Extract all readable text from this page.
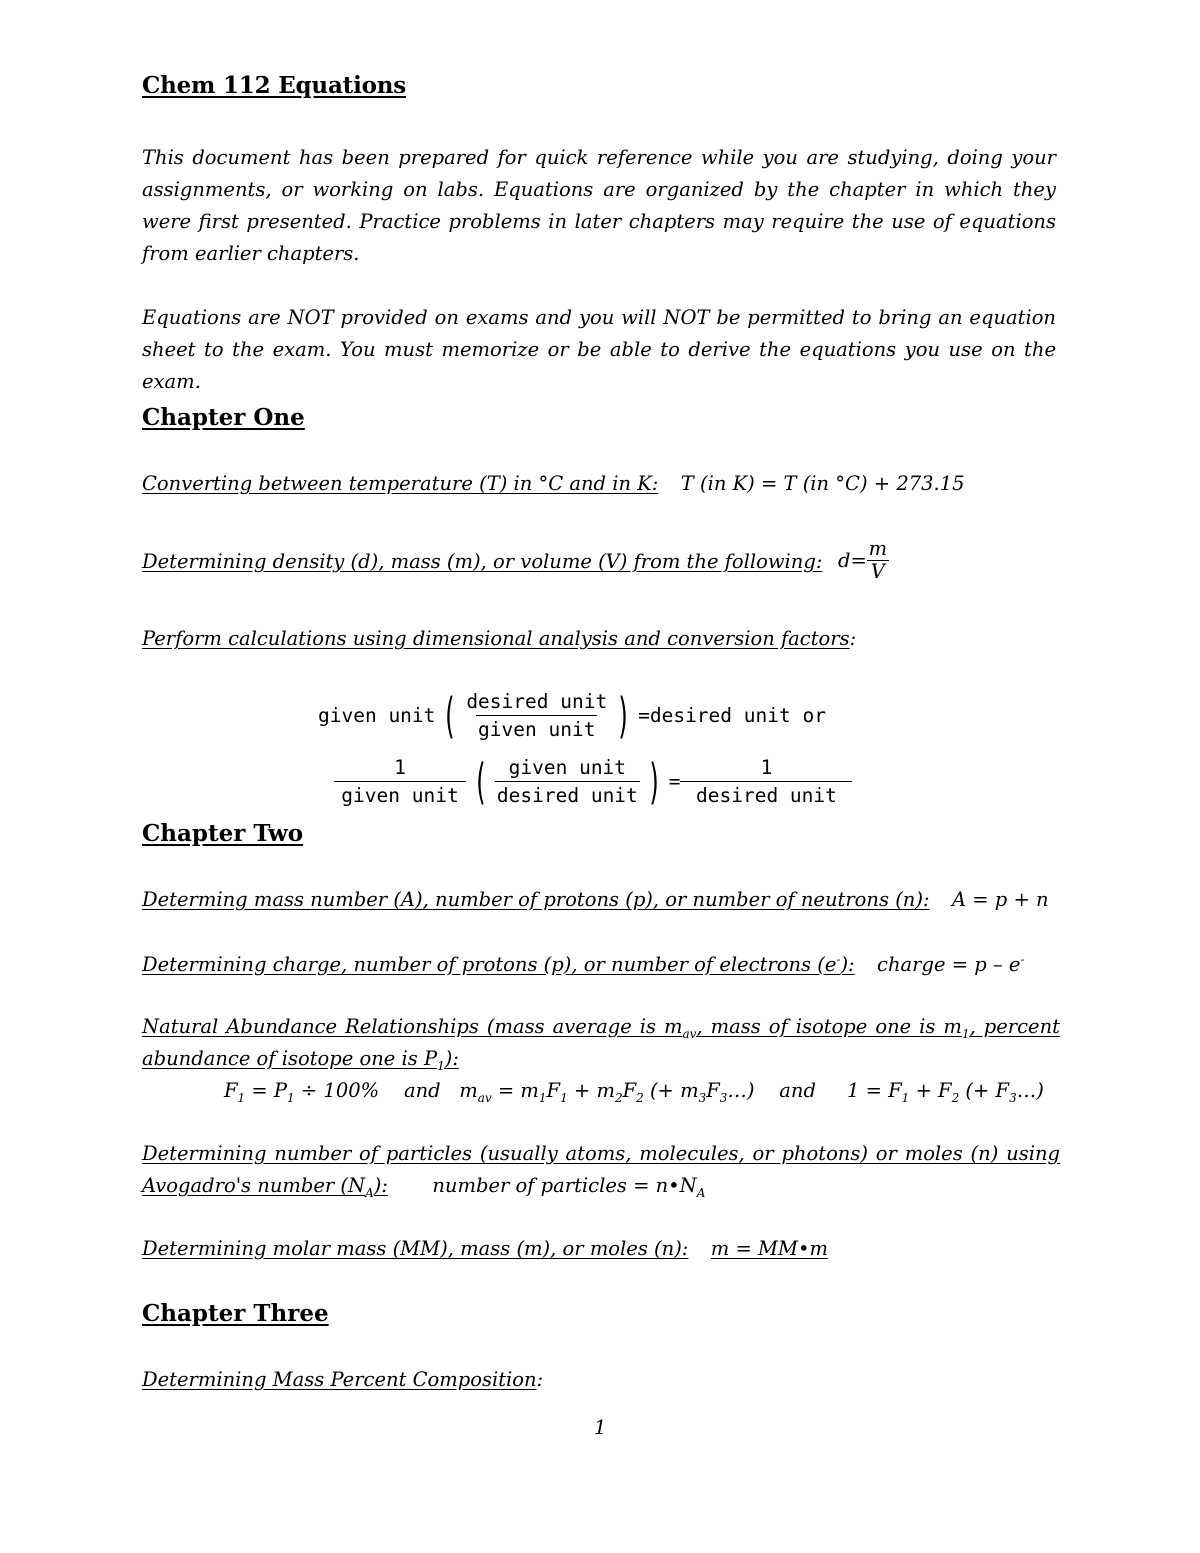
Chem 112 Equations

This document has been prepared for quick reference while you are studying, doing your assignments, or working on labs. Equations are organized by the chapter in which they were first presented. Practice problems in later chapters may require the use of equations from earlier chapters.

Equations are NOT provided on exams and you will NOT be permitted to bring an equation sheet to the exam. You must memorize or be able to derive the equations you use on the exam.

Chapter One
Converting between temperature (T) in °C and in K: T (in K) = T (in °C) + 273.15
Determining density (d), mass (m), or volume (V) from the following: $d= \frac{m}{V}$
Perform calculations using dimensional analysis and conversion factors:
given unit ( $\frac{\text{desired unit}}{\text{given unit}}$ ) =desired unit or
$\frac{1}{\text{given unit}}$ ( $\frac{\text{given unit}}{\text{desired unit}}$ ) = $\frac{1}{\text{desired unit}}$
Chapter Two
Determing mass number (A), number of protons (p), or number of neutrons (n): A = p + n
Determining charge, number of protons (p), or number of electrons (e-): charge = p – e-
Natural Abundance Relationships (mass average is $m_{av}$, mass of isotope one is $m_1$, percent
abundance of isotope one is $P_1$):
$F_1 = P_1 \div 100\%$    and   $m_{av} = m_1F_1 + m_2F_2$ (+ $m_3F_3\dots$)    and     $1 = F_1 + F_2$ (+ $F_3\dots$)
Determining number of particles (usually atoms, molecules, or photons) or moles (n) using
Avogadro's number $(N_A)$: number of particles = $n•N_A$
Determining molar mass (MM), mass (m), or moles (n): m = MM•m
Chapter Three
Determining Mass Percent Composition:
1
